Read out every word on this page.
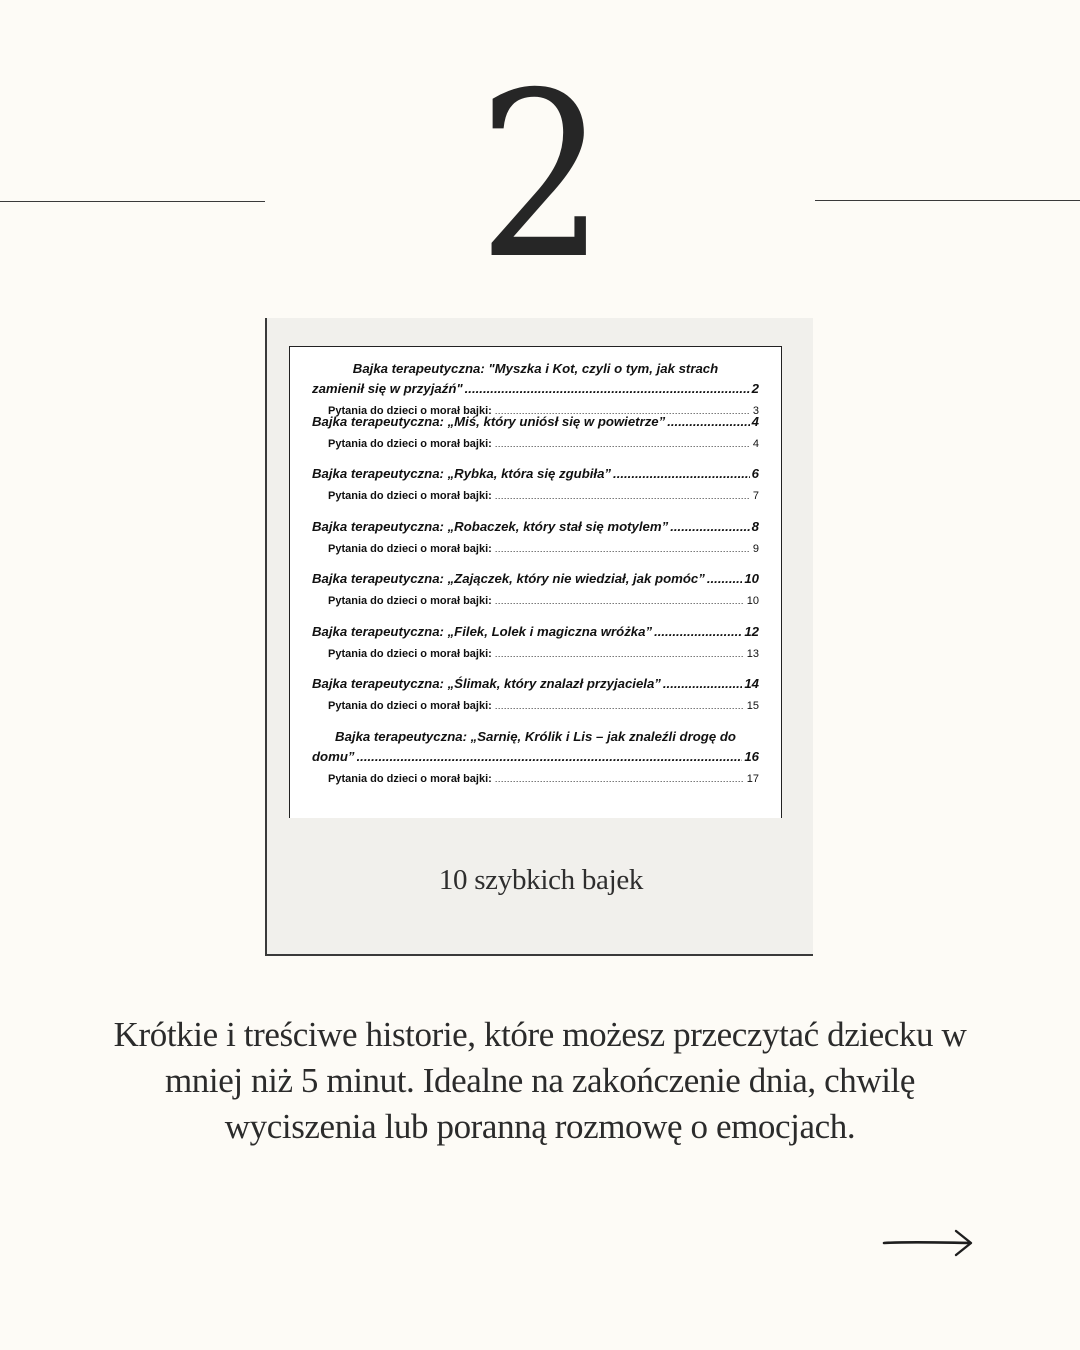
2
Bajka terapeutyczna: "Myszka i Kot, czyli o tym, jak strach
zamienił się w przyjaźń" .....	2
Pytania do dzieci o morał bajki: .....	3
Bajka terapeutyczna: „Miś, który uniósł się w powietrze” .....	4
Pytania do dzieci o morał bajki: .....	4
Bajka terapeutyczna: „Rybka, która się zgubiła” .....	6
Pytania do dzieci o morał bajki: .....	7
Bajka terapeutyczna: „Robaczek, który stał się motylem” .....	8
Pytania do dzieci o morał bajki: .....	9
Bajka terapeutyczna: „Zajączek, który nie wiedział, jak pomóc” .....	10
Pytania do dzieci o morał bajki: .....	10
Bajka terapeutyczna: „Filek, Lolek i magiczna wróżka” .....	12
Pytania do dzieci o morał bajki: .....	13
Bajka terapeutyczna: „Ślimak, który znalazł przyjaciela” .....	14
Pytania do dzieci o morał bajki: .....	15
Bajka terapeutyczna: „Sarnię, Królik i Lis – jak znaleźli drogę do
domu” .....	16
Pytania do dzieci o morał bajki: .....	17
10 szybkich bajek
Krótkie i treściwe historie, które możesz przeczytać dziecku w mniej niż 5 minut. Idealne na zakończenie dnia, chwilę wyciszenia lub poranną rozmowę o emocjach.
